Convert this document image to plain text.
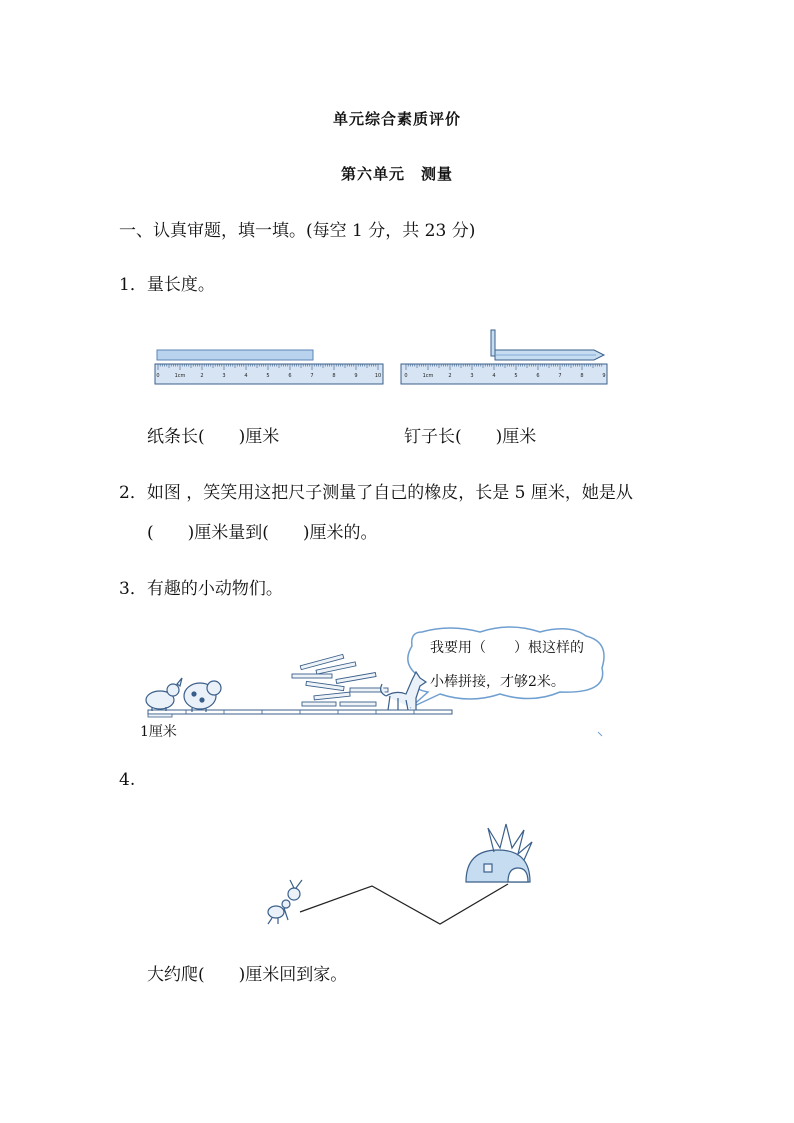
单元综合素质评价
第六单元　测量
一、认真审题，填一填。(每空 1 分，共 23 分)
1．量长度。
0	1cm	2	3	4	5	6	7	8	9	10	0	1cm	2	3	4	5	6	7	8	9
纸条长(　　)厘米	钉子长(　　)厘米
2．如图 ，笑笑用这把尺子测量了自己的橡皮，长是 5 厘米，她是从
(　　)厘米量到(　　)厘米的。
3．有趣的小动物们。
我要用（　　）根这样的
小棒拼接，才够2米。
1厘米
4.
大约爬(　　)厘米回到家。
